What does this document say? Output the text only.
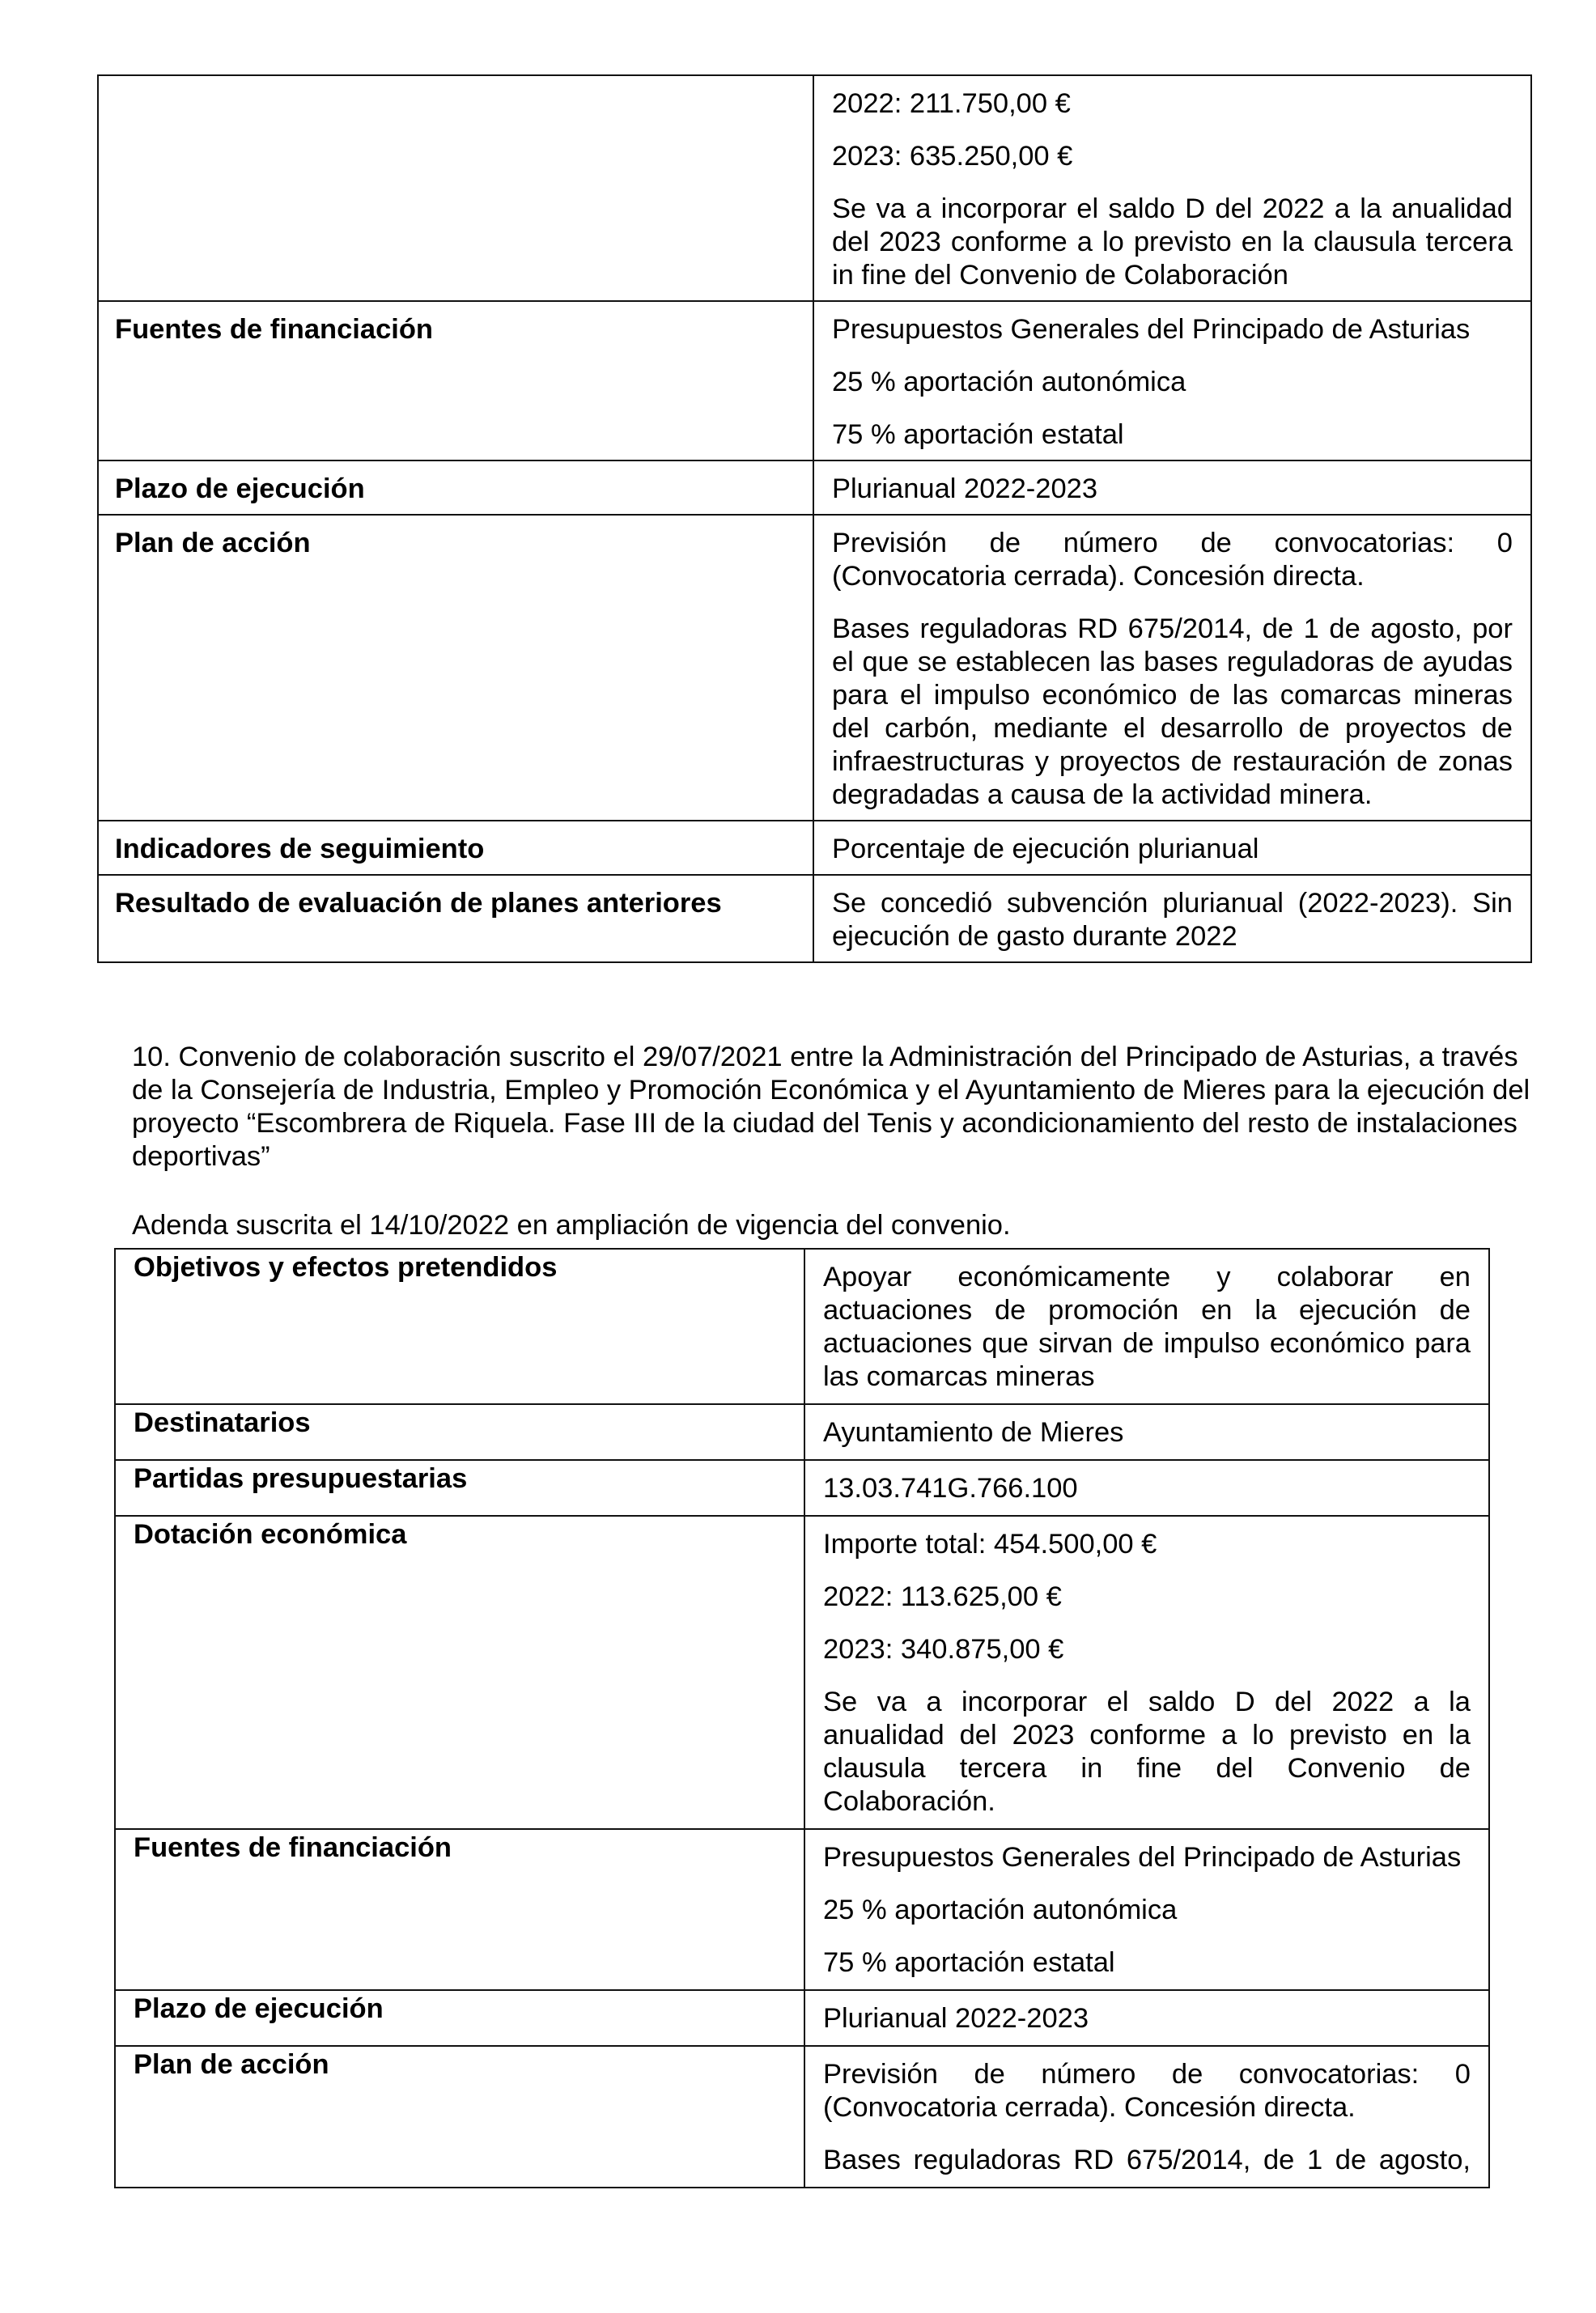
	2022: 211.750,00 €

2023: 635.250,00 €

Se va a incorporar el saldo D del 2022 a la anualidad del 2023 conforme a lo previsto en la clausula tercera in fine del Convenio de Colaboración

Fuentes de financiación	Presupuestos Generales del Principado de Asturias

25 % aportación autonómica

75 % aportación estatal

Plazo de ejecución	Plurianual 2022-2023

Plan de acción	Previsión de número de convocatorias: 0 (Convocatoria cerrada). Concesión directa.

Bases reguladoras RD 675/2014, de 1 de agosto, por el que se establecen las bases reguladoras de ayudas para el impulso económico de las comarcas mineras del carbón, mediante el desarrollo de proyectos de infraestructuras y proyectos de restauración de zonas degradadas a causa de la actividad minera.

Indicadores de seguimiento	Porcentaje de ejecución plurianual

Resultado de evaluación de planes anteriores	Se concedió subvención plurianual (2022-2023). Sin ejecución de gasto durante 2022

10. Convenio de colaboración suscrito el 29/07/2021 entre la Administración del Principado de Asturias, a través de la Consejería de Industria, Empleo y Promoción Económica y el Ayuntamiento de Mieres para la ejecución del proyecto “Escombrera de Riquela. Fase III de la ciudad del Tenis y acondicionamiento del resto de instalaciones deportivas”

Adenda suscrita el 14/10/2022 en ampliación de vigencia del convenio.

Objetivos y efectos pretendidos	Apoyar económicamente y colaborar en actuaciones de promoción en la ejecución de actuaciones que sirvan de impulso económico para las comarcas mineras

Destinatarios	Ayuntamiento de Mieres

Partidas presupuestarias	13.03.741G.766.100

Dotación económica	Importe total: 454.500,00 €

2022: 113.625,00 €

2023: 340.875,00 €

Se va a incorporar el saldo D del 2022 a la anualidad del 2023 conforme a lo previsto en la clausula tercera in fine del Convenio de Colaboración.

Fuentes de financiación	Presupuestos Generales del Principado de Asturias

25 % aportación autonómica

75 % aportación estatal

Plazo de ejecución	Plurianual 2022-2023

Plan de acción	Previsión de número de convocatorias: 0 (Convocatoria cerrada). Concesión directa.

Bases reguladoras RD 675/2014, de 1 de agosto,
